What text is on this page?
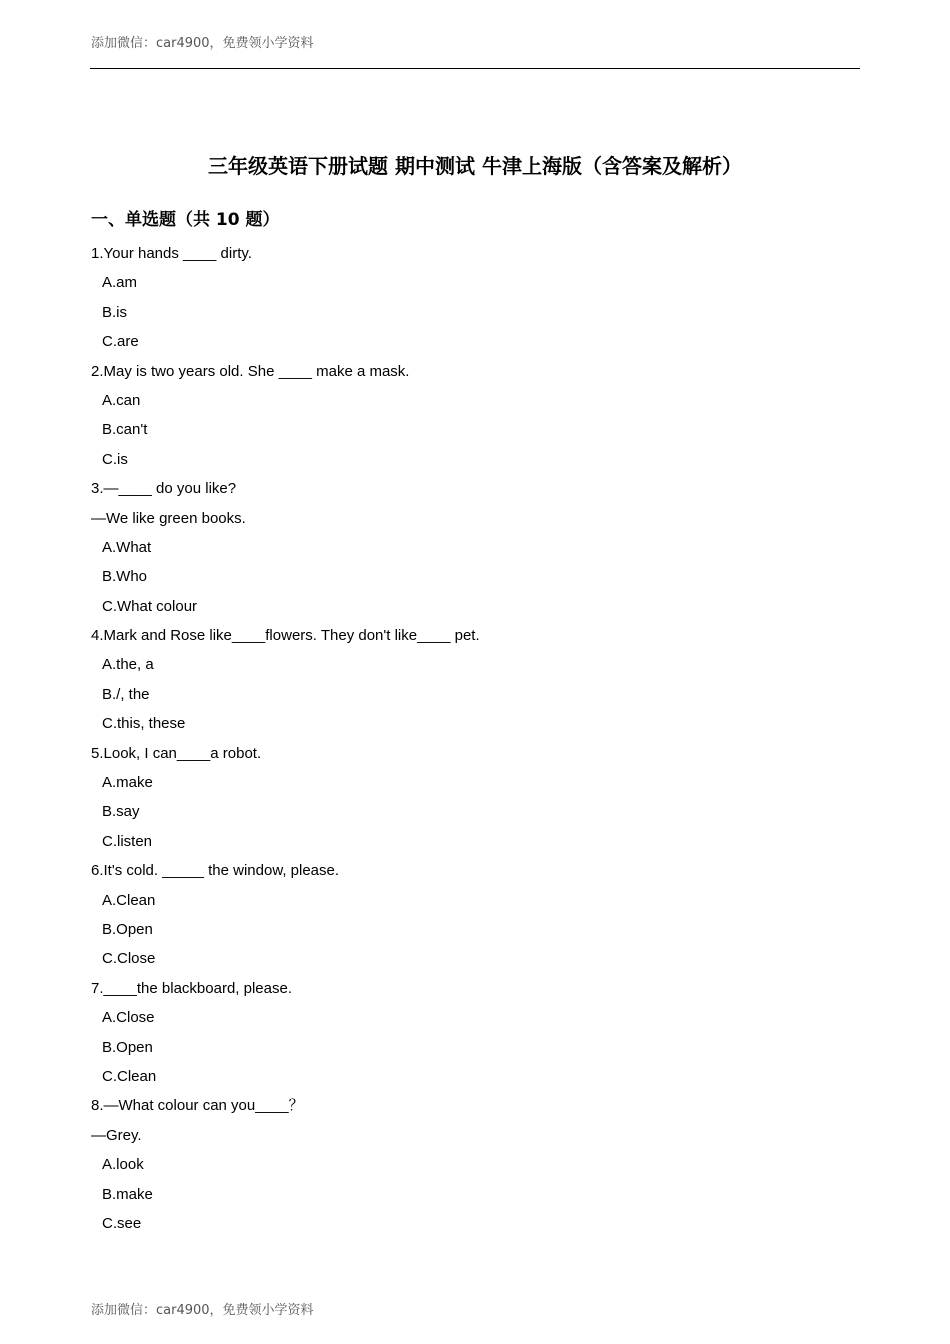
添加微信：car4900，免费领小学资料
三年级英语下册试题 期中测试 牛津上海版（含答案及解析）
一、单选题（共 10 题）
1.Your hands ____ dirty.
A.am
B.is
C.are
2.May is two years old. She ____ make a mask.
A.can
B.can't
C.is
3.—____ do you like?
—We like green books.
A.What
B.Who
C.What colour
4.Mark and Rose like____flowers. They don't like____ pet.
A.the, a
B./, the
C.this, these
5.Look, I can____a robot.
A.make
B.say
C.listen
6.It's cold. _____ the window, please.
A.Clean
B.Open
C.Close
7.____the blackboard, please.
A.Close
B.Open
C.Clean
8.—What colour can you____？
—Grey.
A.look
B.make
C.see
添加微信：car4900，免费领小学资料
